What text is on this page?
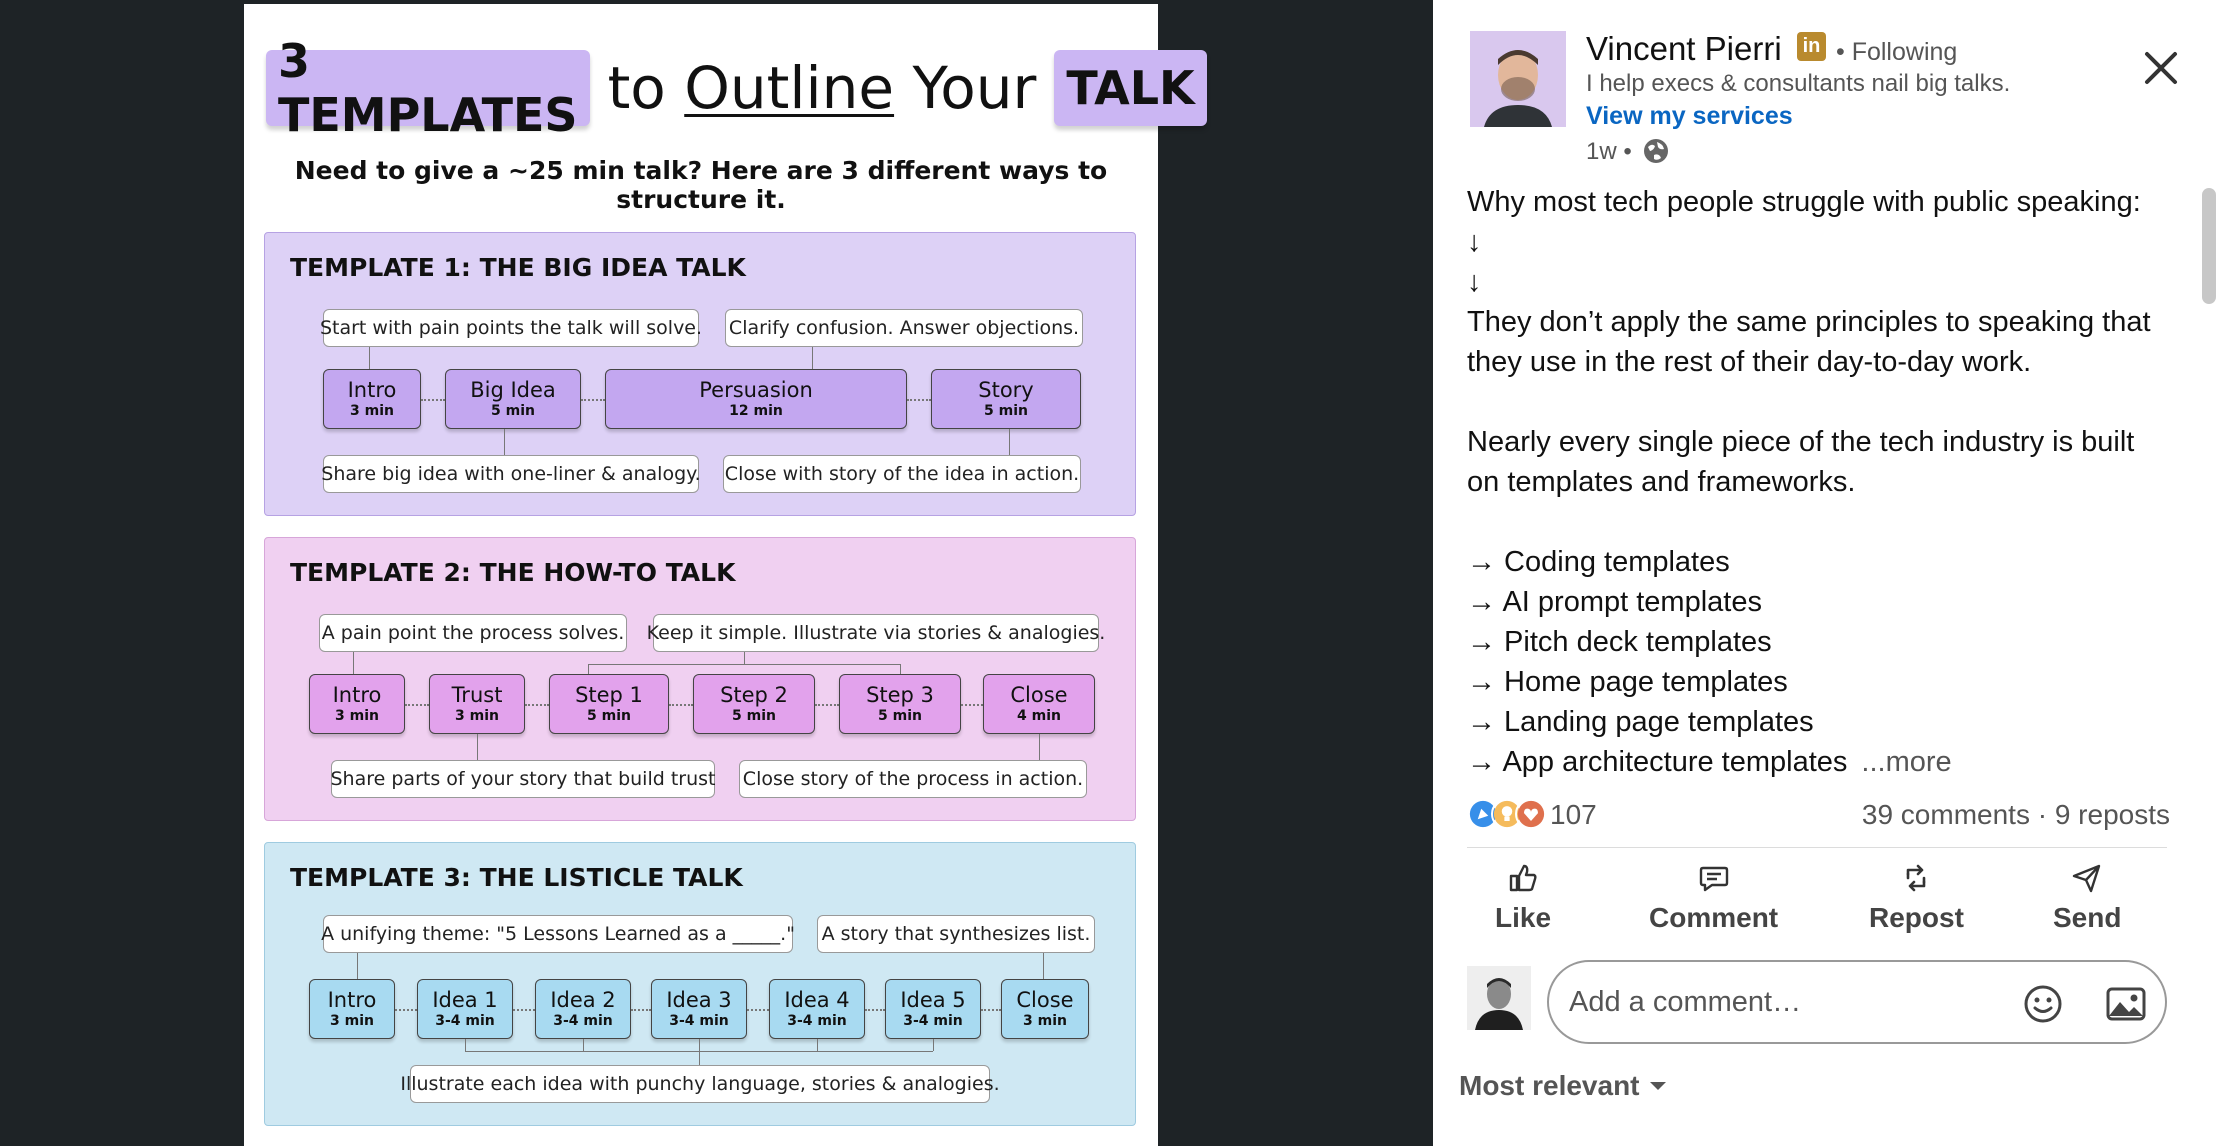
3 TEMPLATES to Outline Your TALK
Need to give a ~25 min talk? Here are 3 different ways to structure it.
TEMPLATE 1: THE BIG IDEA TALK
Start with pain points the talk will solve. Clarify confusion. Answer objections.
Intro
3 min
Big Idea
5 min
Persuasion
12 min
Story
5 min
Share big idea with one-liner & analogy. Close with story of the idea in action.
TEMPLATE 2: THE HOW-TO TALK
A pain point the process solves. Keep it simple. Illustrate via stories & analogies.
Intro
3 min
Trust
3 min
Step 1
5 min
Step 2
5 min
Step 3
5 min
Close
4 min
Share parts of your story that build trust Close story of the process in action.
TEMPLATE 3: THE LISTICLE TALK
A unifying theme: "5 Lessons Learned as a _____." A story that synthesizes list.
Intro
3 min
Idea 1
3-4 min
Idea 2
3-4 min
Idea 3
3-4 min
Idea 4
3-4 min
Idea 5
3-4 min
Close
3 min
Illustrate each idea with punchy language, stories & analogies.
Vincent Pierri in • Following
I help execs & consultants nail big talks.
View my services
1w •
Why most tech people struggle with public speaking:
↓
↓
They don’t apply the same principles to speaking that
they use in the rest of their day-to-day work.
Nearly every single piece of the tech industry is built
on templates and frameworks.
→ Coding templates
→ AI prompt templates
→ Pitch deck templates
→ Home page templates
→ Landing page templates
→ App architecture templates ...more
107	39 comments · 9 reposts
Like	Comment	Repost	Send
Add a comment…
Most relevant
